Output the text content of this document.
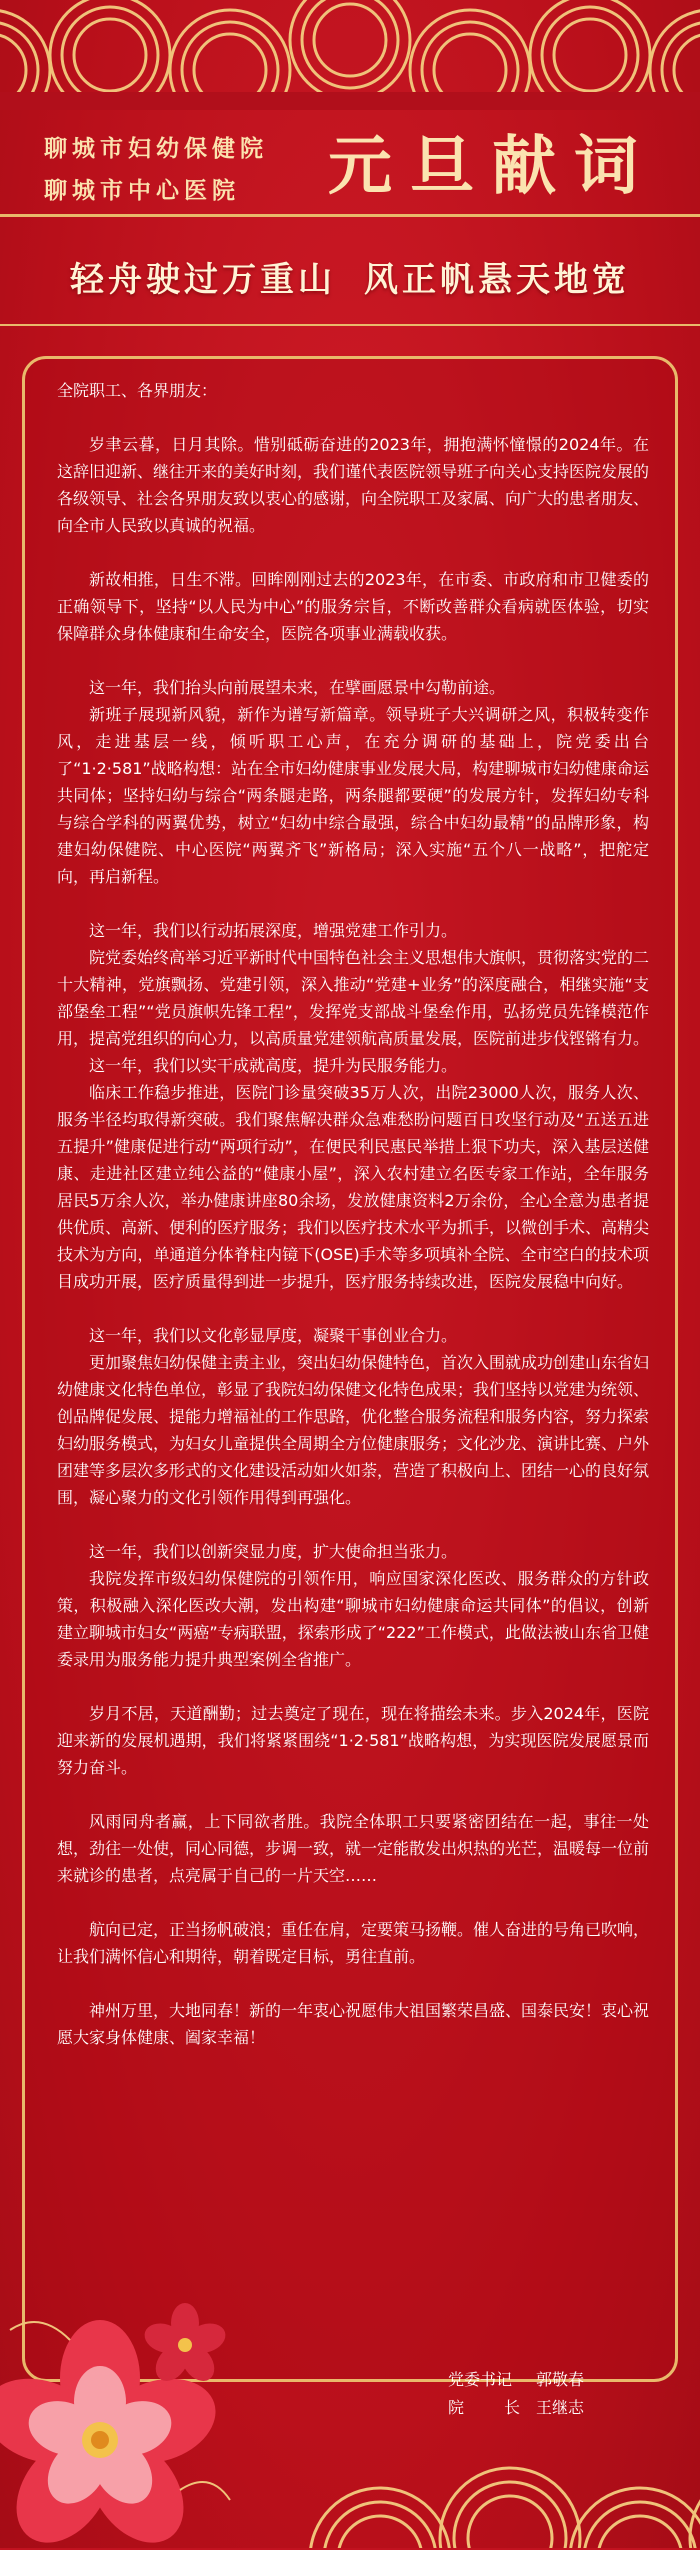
聊城市妇幼保健院
聊城市中心医院	元旦献词
轻舟驶过万重山 风正帆悬天地宽

全院职工、各界朋友：

岁聿云暮，日月其除。惜别砥砺奋进的2023年，拥抱满怀憧憬的2024年。在这辞旧迎新、继往开来的美好时刻，我们谨代表医院领导班子向关心支持医院发展的各级领导、社会各界朋友致以衷心的感谢，向全院职工及家属、向广大的患者朋友、向全市人民致以真诚的祝福。

新故相推，日生不滞。回眸刚刚过去的2023年，在市委、市政府和市卫健委的正确领导下，坚持“以人民为中心”的服务宗旨，不断改善群众看病就医体验，切实保障群众身体健康和生命安全，医院各项事业满载收获。

这一年，我们抬头向前展望未来，在擘画愿景中勾勒前途。

新班子展现新风貌，新作为谱写新篇章。领导班子大兴调研之风，积极转变作风，走进基层一线，倾听职工心声，在充分调研的基础上，院党委出台了“1·2·581”战略构想：站在全市妇幼健康事业发展大局，构建聊城市妇幼健康命运共同体；坚持妇幼与综合“两条腿走路，两条腿都要硬”的发展方针，发挥妇幼专科与综合学科的两翼优势，树立“妇幼中综合最强，综合中妇幼最精”的品牌形象，构建妇幼保健院、中心医院“两翼齐飞”新格局；深入实施“五个八一战略”，把舵定向，再启新程。

这一年，我们以行动拓展深度，增强党建工作引力。

院党委始终高举习近平新时代中国特色社会主义思想伟大旗帜，贯彻落实党的二十大精神，党旗飘扬、党建引领，深入推动“党建+业务”的深度融合，相继实施“支部堡垒工程”“党员旗帜先锋工程”，发挥党支部战斗堡垒作用，弘扬党员先锋模范作用，提高党组织的向心力，以高质量党建领航高质量发展，医院前进步伐铿锵有力。

这一年，我们以实干成就高度，提升为民服务能力。

临床工作稳步推进，医院门诊量突破35万人次，出院23000人次，服务人次、服务半径均取得新突破。我们聚焦解决群众急难愁盼问题百日攻坚行动及“五送五进五提升”健康促进行动“两项行动”，在便民利民惠民举措上狠下功夫，深入基层送健康、走进社区建立纯公益的“健康小屋”，深入农村建立名医专家工作站，全年服务居民5万余人次，举办健康讲座80余场，发放健康资料2万余份，全心全意为患者提供优质、高新、便利的医疗服务；我们以医疗技术水平为抓手，以微创手术、高精尖技术为方向，单通道分体脊柱内镜下(OSE)手术等多项填补全院、全市空白的技术项目成功开展，医疗质量得到进一步提升，医疗服务持续改进，医院发展稳中向好。

这一年，我们以文化彰显厚度，凝聚干事创业合力。

更加聚焦妇幼保健主责主业，突出妇幼保健特色，首次入围就成功创建山东省妇幼健康文化特色单位，彰显了我院妇幼保健文化特色成果；我们坚持以党建为统领、创品牌促发展、提能力增福祉的工作思路，优化整合服务流程和服务内容，努力探索妇幼服务模式，为妇女儿童提供全周期全方位健康服务；文化沙龙、演讲比赛、户外团建等多层次多形式的文化建设活动如火如荼，营造了积极向上、团结一心的良好氛围，凝心聚力的文化引领作用得到再强化。

这一年，我们以创新突显力度，扩大使命担当张力。

我院发挥市级妇幼保健院的引领作用，响应国家深化医改、服务群众的方针政策，积极融入深化医改大潮，发出构建“聊城市妇幼健康命运共同体”的倡议，创新建立聊城市妇女“两癌”专病联盟，探索形成了“222”工作模式，此做法被山东省卫健委录用为服务能力提升典型案例全省推广。

岁月不居，天道酬勤；过去奠定了现在，现在将描绘未来。步入2024年，医院迎来新的发展机遇期，我们将紧紧围绕“1·2·581”战略构想，为实现医院发展愿景而努力奋斗。

风雨同舟者赢，上下同欲者胜。我院全体职工只要紧密团结在一起，事往一处想，劲往一处使，同心同德，步调一致，就一定能散发出炽热的光芒，温暖每一位前来就诊的患者，点亮属于自己的一片天空……

航向已定，正当扬帆破浪；重任在肩，定要策马扬鞭。催人奋进的号角已吹响，让我们满怀信心和期待，朝着既定目标，勇往直前。

神州万里，大地同春！新的一年衷心祝愿伟大祖国繁荣昌盛、国泰民安！衷心祝愿大家身体健康、阖家幸福！

党委书记	郭敬春
院 长 王继志
